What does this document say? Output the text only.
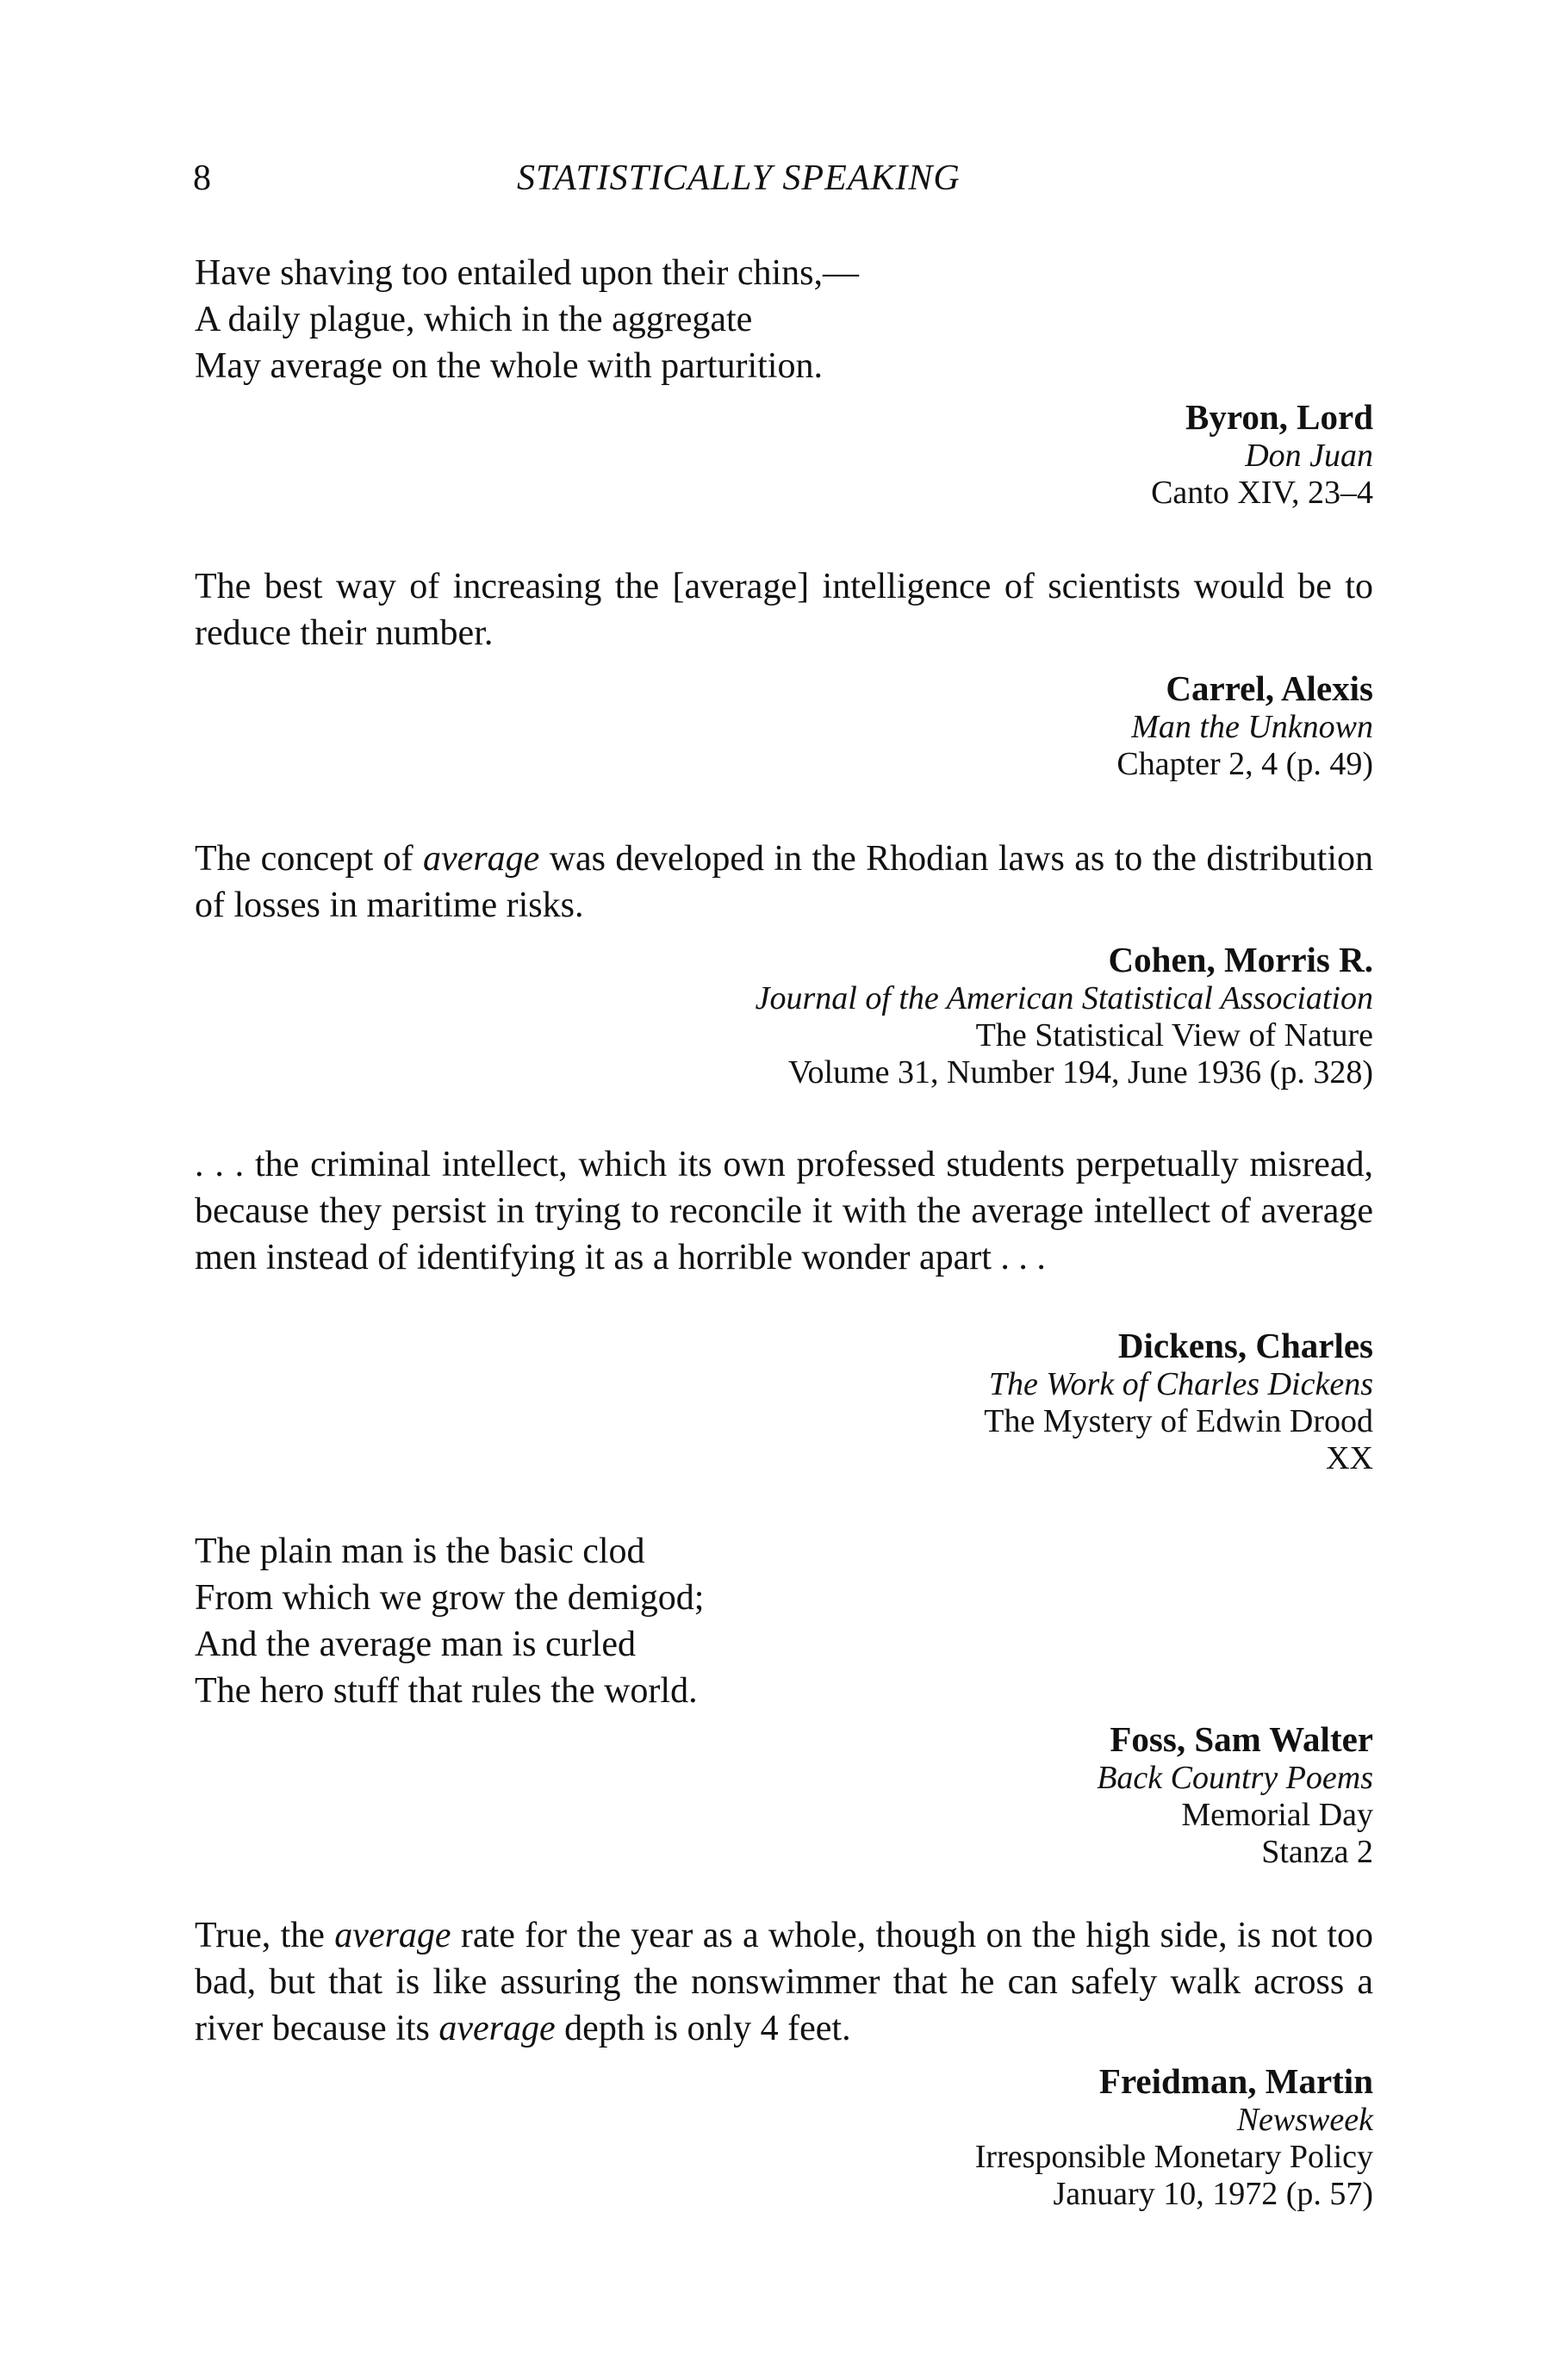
8	STATISTICALLY SPEAKING
Have shaving too entailed upon their chins,—
A daily plague, which in the aggregate
May average on the whole with parturition.
Byron, Lord
Don Juan
Canto XIV, 23–4
The best way of increasing the [average] intelligence of scientists would be to reduce their number.
Carrel, Alexis
Man the Unknown
Chapter 2, 4 (p. 49)
The concept of average was developed in the Rhodian laws as to the distribution of losses in maritime risks.
Cohen, Morris R.
Journal of the American Statistical Association
The Statistical View of Nature
Volume 31, Number 194, June 1936 (p. 328)
. . . the criminal intellect, which its own professed students perpetually misread, because they persist in trying to reconcile it with the average intellect of average men instead of identifying it as a horrible wonder apart . . .
Dickens, Charles
The Work of Charles Dickens
The Mystery of Edwin Drood
XX
The plain man is the basic clod
From which we grow the demigod;
And the average man is curled
The hero stuff that rules the world.
Foss, Sam Walter
Back Country Poems
Memorial Day
Stanza 2
True, the average rate for the year as a whole, though on the high side, is not too bad, but that is like assuring the nonswimmer that he can safely walk across a river because its average depth is only 4 feet.
Freidman, Martin
Newsweek
Irresponsible Monetary Policy
January 10, 1972 (p. 57)
